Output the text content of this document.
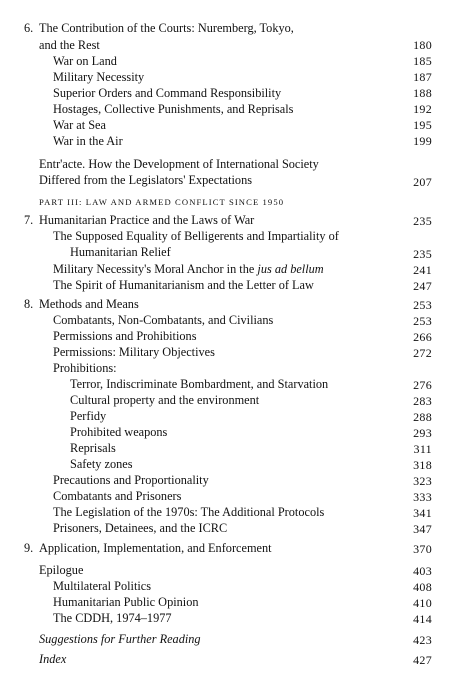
6. The Contribution of the Courts: Nuremberg, Tokyo,
and the Rest	180
War on Land	185
Military Necessity	187
Superior Orders and Command Responsibility	188
Hostages, Collective Punishments, and Reprisals	192
War at Sea	195
War in the Air	199
Entr'acte. How the Development of International Society
Differed from the Legislators' Expectations	207
PART III: LAW AND ARMED CONFLICT SINCE 1950
7. Humanitarian Practice and the Laws of War	235
The Supposed Equality of Belligerents and Impartiality of
Humanitarian Relief	235
Military Necessity's Moral Anchor in the jus ad bellum	241
The Spirit of Humanitarianism and the Letter of Law	247
8. Methods and Means	253
Combatants, Non-Combatants, and Civilians	253
Permissions and Prohibitions	266
Permissions: Military Objectives	272
Prohibitions:
Terror, Indiscriminate Bombardment, and Starvation	276
Cultural property and the environment	283
Perfidy	288
Prohibited weapons	293
Reprisals	311
Safety zones	318
Precautions and Proportionality	323
Combatants and Prisoners	333
The Legislation of the 1970s: The Additional Protocols	341
Prisoners, Detainees, and the ICRC	347
9. Application, Implementation, and Enforcement	370
Epilogue	403
Multilateral Politics	408
Humanitarian Public Opinion	410
The CDDH, 1974–1977	414
Suggestions for Further Reading	423
Index	427
